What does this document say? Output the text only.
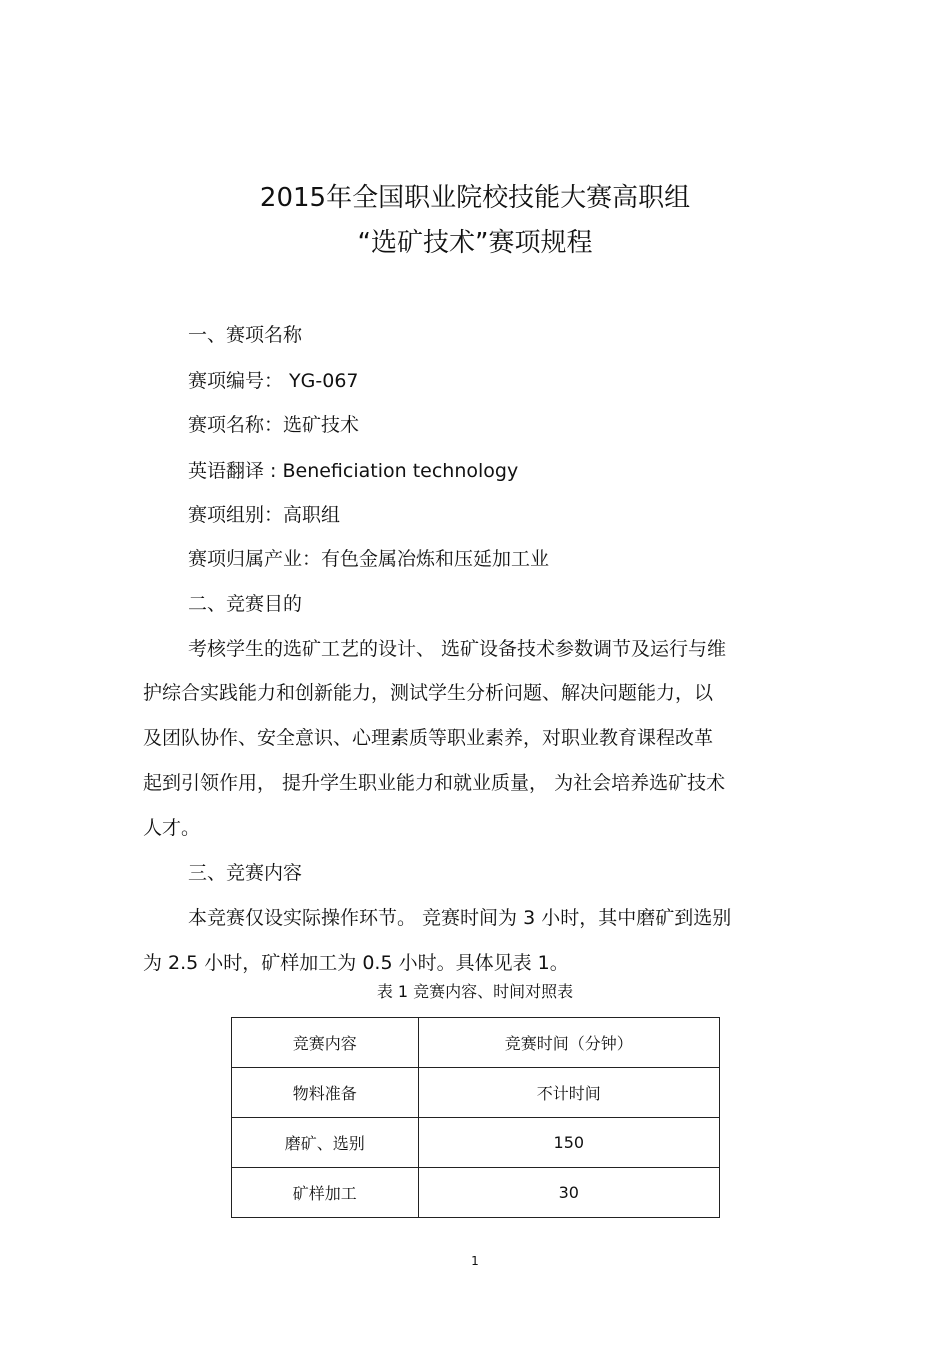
2015年全国职业院校技能大赛高职组
“选矿技术”赛项规程
一、赛项名称
赛项编号： YG-067
赛项名称：选矿技术
英语翻译 : Beneficiation technology
赛项组别：高职组
赛项归属产业：有色金属冶炼和压延加工业
二、竞赛目的
考核学生的选矿工艺的设计、 选矿设备技术参数调节及运行与维
护综合实践能力和创新能力，测试学生分析问题、解决问题能力，以
及团队协作、安全意识、心理素质等职业素养，对职业教育课程改革
起到引领作用， 提升学生职业能力和就业质量， 为社会培养选矿技术
人才。
三、竞赛内容
本竞赛仅设实际操作环节。 竞赛时间为 3 小时，其中磨矿到选别
为 2.5 小时，矿样加工为 0.5 小时。具体见表 1。
表 1 竞赛内容、时间对照表
竞赛内容	竞赛时间（分钟）
物料准备	不计时间
磨矿、选别	150
矿样加工	30
1
